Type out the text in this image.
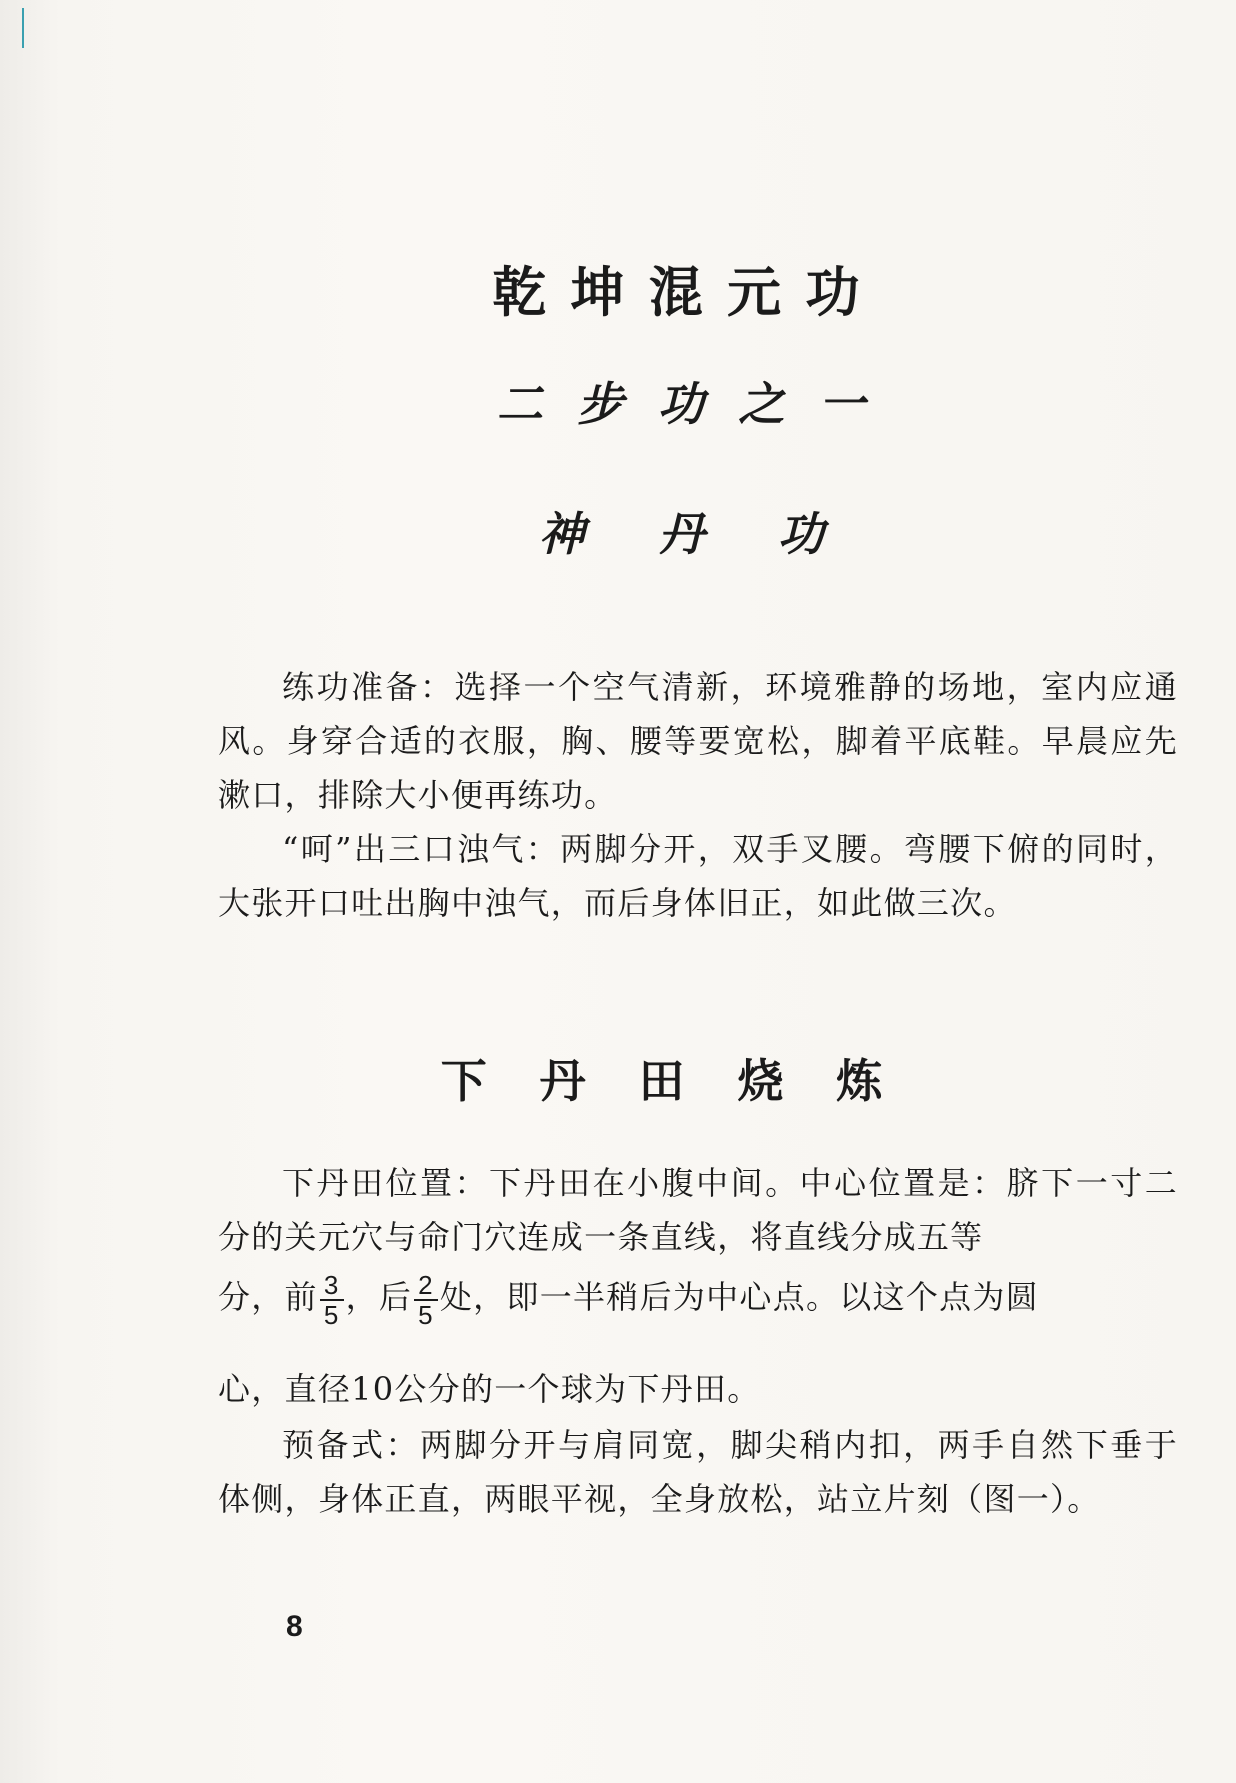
乾坤混元功
二步功之一
神丹功

练功准备：选择一个空气清新，环境雅静的场地，室内应通风。身穿合适的衣服，胸、腰等要宽松，脚着平底鞋。早晨应先漱口，排除大小便再练功。

“呵”出三口浊气：两脚分开，双手叉腰。弯腰下俯的同时，大张开口吐出胸中浊气，而后身体旧正，如此做三次。

下丹田烧炼

下丹田位置：下丹田在小腹中间。中心位置是：脐下一寸二分的关元穴与命门穴连成一条直线，将直线分成五等

分，前 $\frac{3}{5}$ ，后 $\frac{2}{5}$ 处，即一半稍后为中心点。以这个点为圆

心，直径10公分的一个球为下丹田。

预备式：两脚分开与肩同宽，脚尖稍内扣，两手自然下垂于体侧，身体正直，两眼平视，全身放松，站立片刻（图一）。

8
